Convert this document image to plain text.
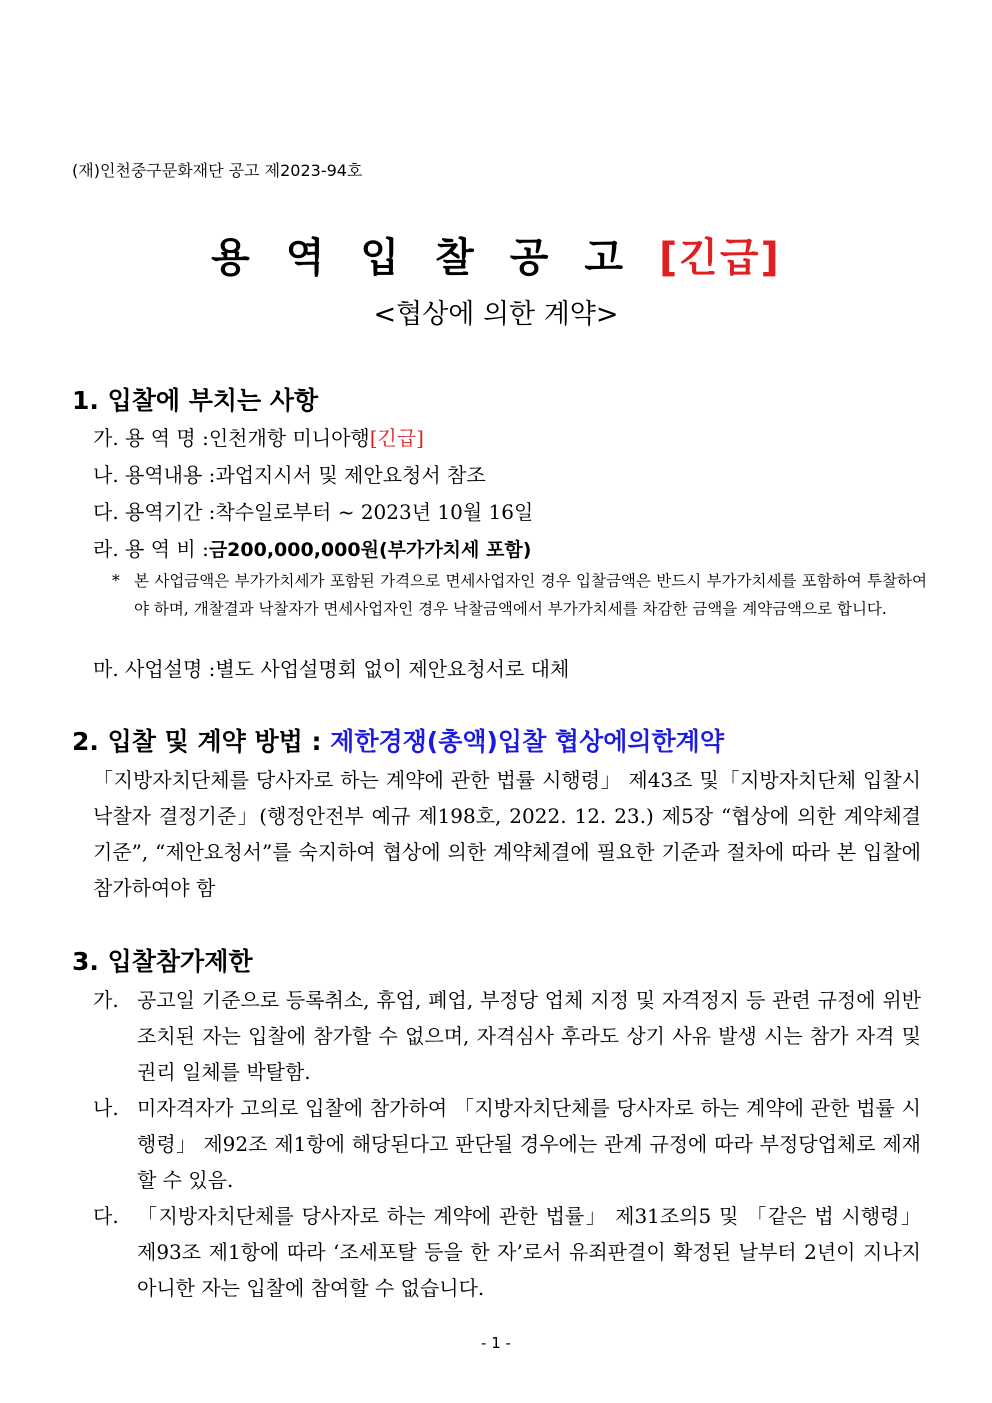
(재)인천중구문화재단 공고 제2023-94호
용역입찰공고[긴급]
<협상에 의한 계약>
1. 입찰에 부치는 사항
가. 용 역 명 :인천개항 미니아행[긴급]
나. 용역내용 :과업지시서 및 제안요청서 참조
다. 용역기간 :착수일로부터 ~ 2023년 10월 16일
라. 용 역 비 :금200,000,000원(부가가치세 포함)
* 본 사업금액은 부가가치세가 포함된 가격으로 면세사업자인 경우 입찰금액은 반드시 부가가치세를 포함하여 투찰하여야 하며, 개찰결과 낙찰자가 면세사업자인 경우 낙찰금액에서 부가가치세를 차감한 금액을 계약금액으로 합니다.
마. 사업설명 :별도 사업설명회 없이 제안요청서로 대체
2. 입찰 및 계약 방법 : 제한경쟁(총액)입찰 협상에의한계약
「지방자치단체를 당사자로 하는 계약에 관한 법률 시행령」 제43조 및「지방자치단체 입찰시 낙찰자 결정기준」(행정안전부 예규 제198호, 2022. 12. 23.) 제5장 “협상에 의한 계약체결 기준”, “제안요청서”를 숙지하여 협상에 의한 계약체결에 필요한 기준과 절차에 따라 본 입찰에 참가하여야 함
3. 입찰참가제한
가. 공고일 기준으로 등록취소, 휴업, 폐업, 부정당 업체 지정 및 자격정지 등 관련 규정에 위반 조치된 자는 입찰에 참가할 수 없으며, 자격심사 후라도 상기 사유 발생 시는 참가 자격 및 권리 일체를 박탈함.
나. 미자격자가 고의로 입찰에 참가하여 「지방자치단체를 당사자로 하는 계약에 관한 법률 시행령」 제92조 제1항에 해당된다고 판단될 경우에는 관계 규정에 따라 부정당업체로 제재할 수 있음.
다. 「지방자치단체를 당사자로 하는 계약에 관한 법률」 제31조의5 및 「같은 법 시행령」 제93조 제1항에 따라 ‘조세포탈 등을 한 자’로서 유죄판결이 확정된 날부터 2년이 지나지 아니한 자는 입찰에 참여할 수 없습니다.
- 1 -
